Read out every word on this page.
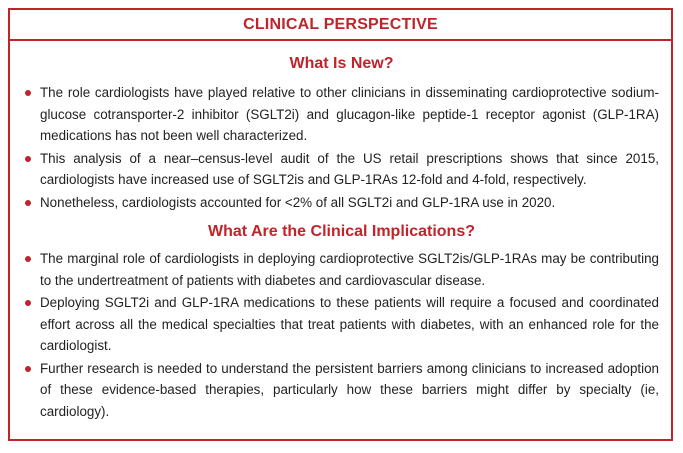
CLINICAL PERSPECTIVE
What Is New?
The role cardiologists have played relative to other clinicians in disseminating cardioprotective sodium-glucose cotransporter-2 inhibitor (SGLT2i) and glucagon-like peptide-1 receptor agonist (GLP-1RA) medications has not been well characterized.
This analysis of a near–census-level audit of the US retail prescriptions shows that since 2015, cardiologists have increased use of SGLT2is and GLP-1RAs 12-fold and 4-fold, respectively.
Nonetheless, cardiologists accounted for <2% of all SGLT2i and GLP-1RA use in 2020.
What Are the Clinical Implications?
The marginal role of cardiologists in deploying cardioprotective SGLT2is/GLP-1RAs may be contributing to the undertreatment of patients with diabetes and cardiovascular disease.
Deploying SGLT2i and GLP-1RA medications to these patients will require a focused and coordinated effort across all the medical specialties that treat patients with diabetes, with an enhanced role for the cardiologist.
Further research is needed to understand the persistent barriers among clinicians to increased adoption of these evidence-based therapies, particularly how these barriers might differ by specialty (ie, cardiology).
